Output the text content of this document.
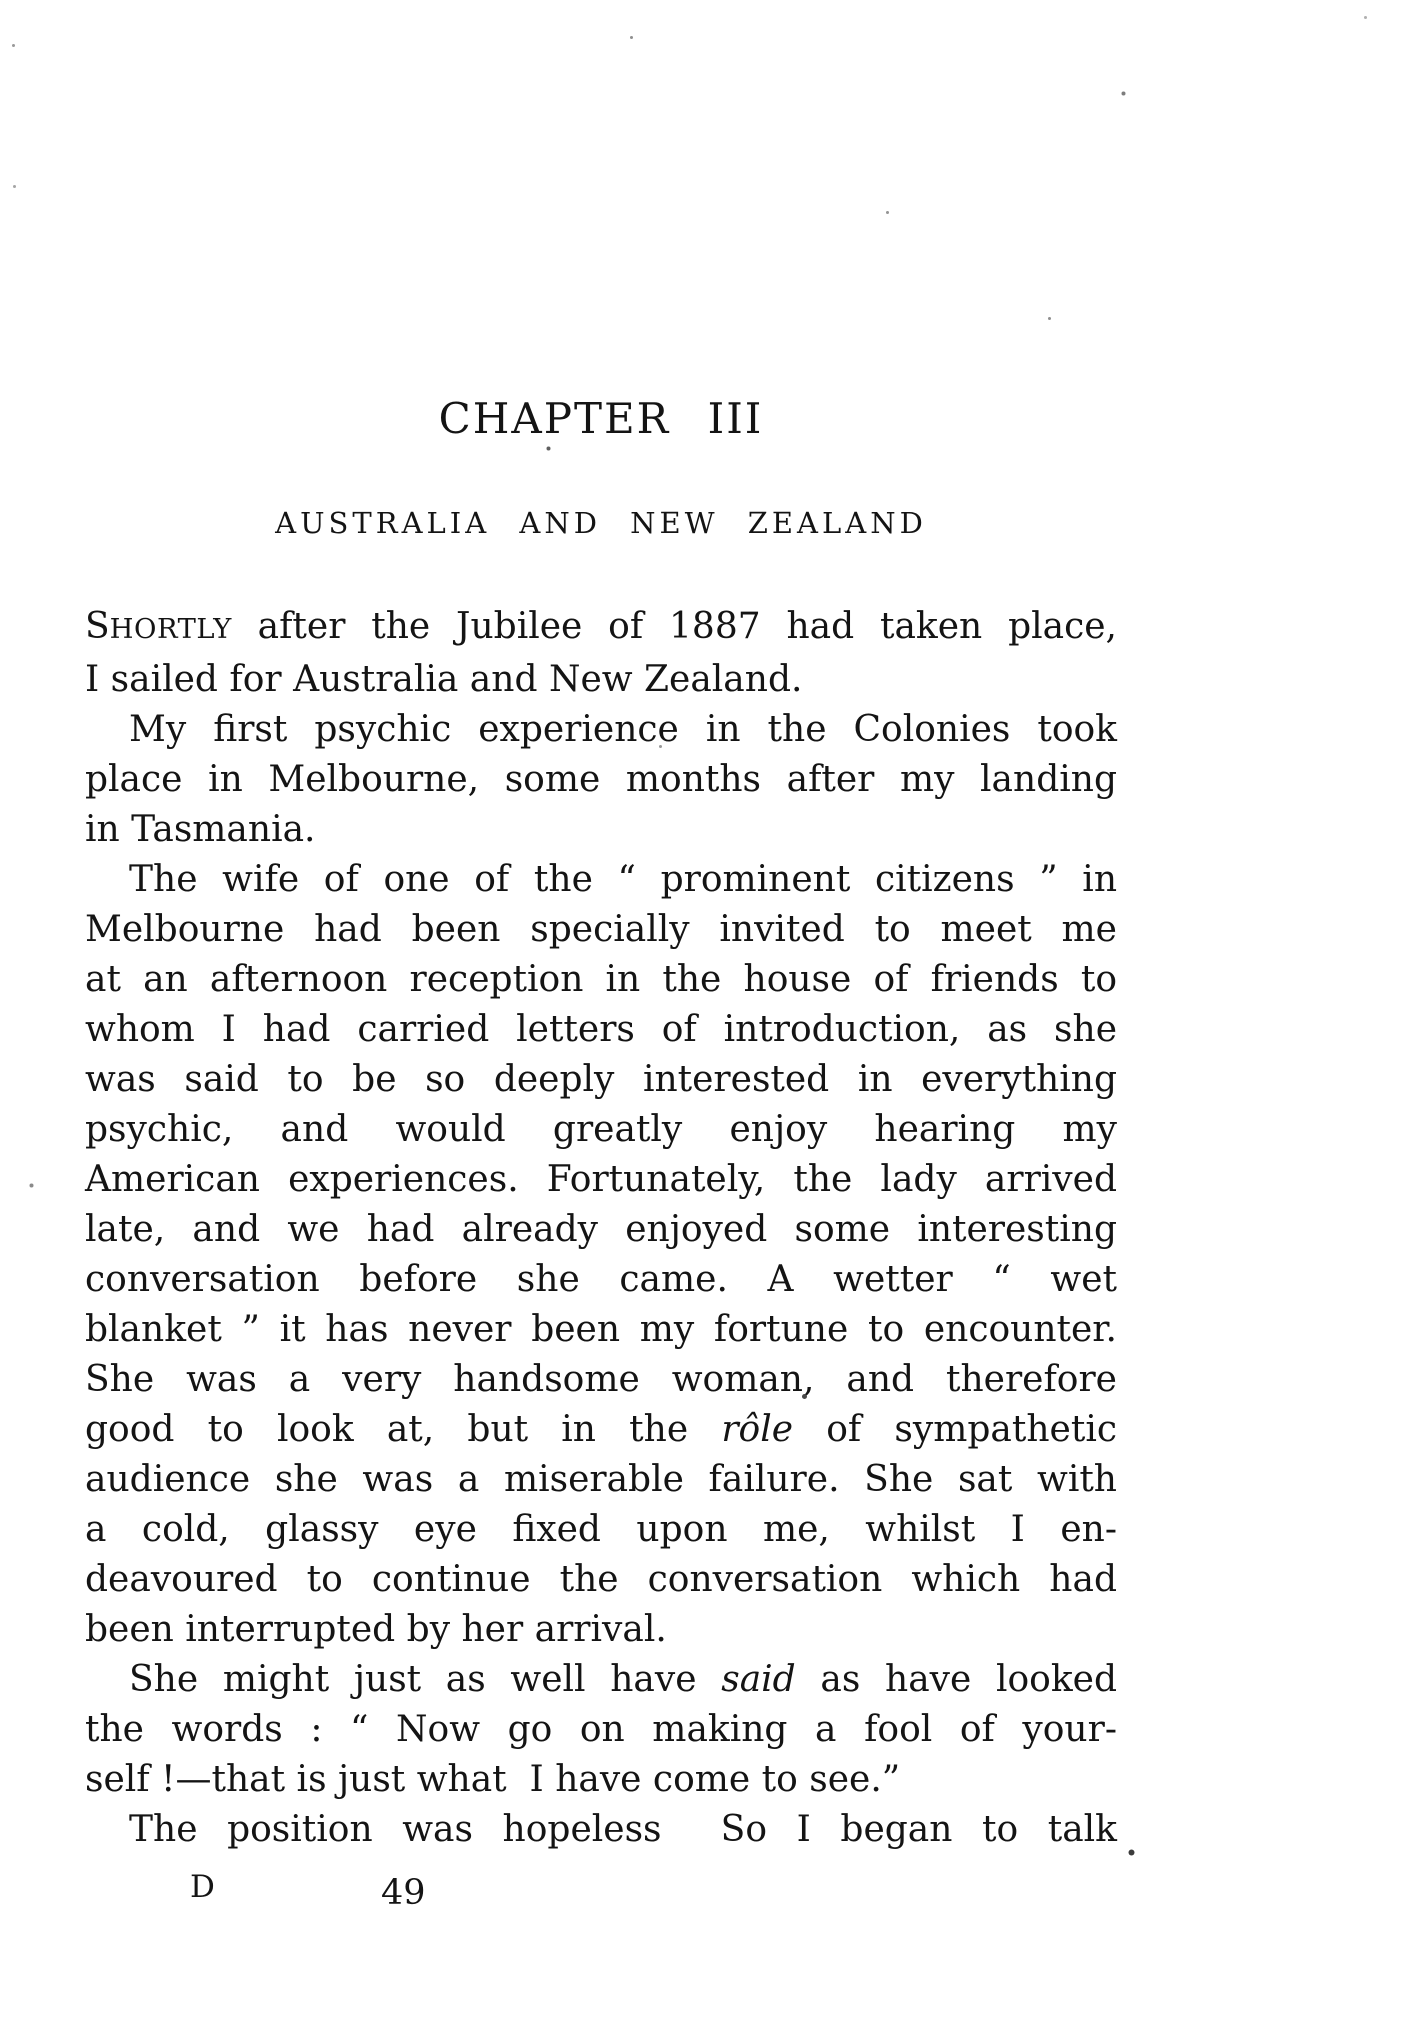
CHAPTER III
AUSTRALIA AND NEW ZEALAND
SHORTLY after the Jubilee of 1887 had taken place,
I sailed for Australia and New Zealand.
My first psychic experience in the Colonies took
place in Melbourne, some months after my landing
in Tasmania.
The wife of one of the “ prominent citizens ” in
Melbourne had been specially invited to meet me
at an afternoon reception in the house of friends to
whom I had carried letters of introduction, as she
was said to be so deeply interested in everything
psychic, and would greatly enjoy hearing my
American experiences. Fortunately, the lady arrived
late, and we had already enjoyed some interesting
conversation before she came. A wetter “ wet
blanket ” it has never been my fortune to encounter.
She was a very handsome woman, and therefore
good to look at, but in the rôle of sympathetic
audience she was a miserable failure. She sat with
a cold, glassy eye fixed upon me, whilst I en-
deavoured to continue the conversation which had
been interrupted by her arrival.
She might just as well have said as have looked
the words : “ Now go on making a fool of your-
self !—that is just what  I have come to see.”
The position was hopeless  So I began to talk
D	49
